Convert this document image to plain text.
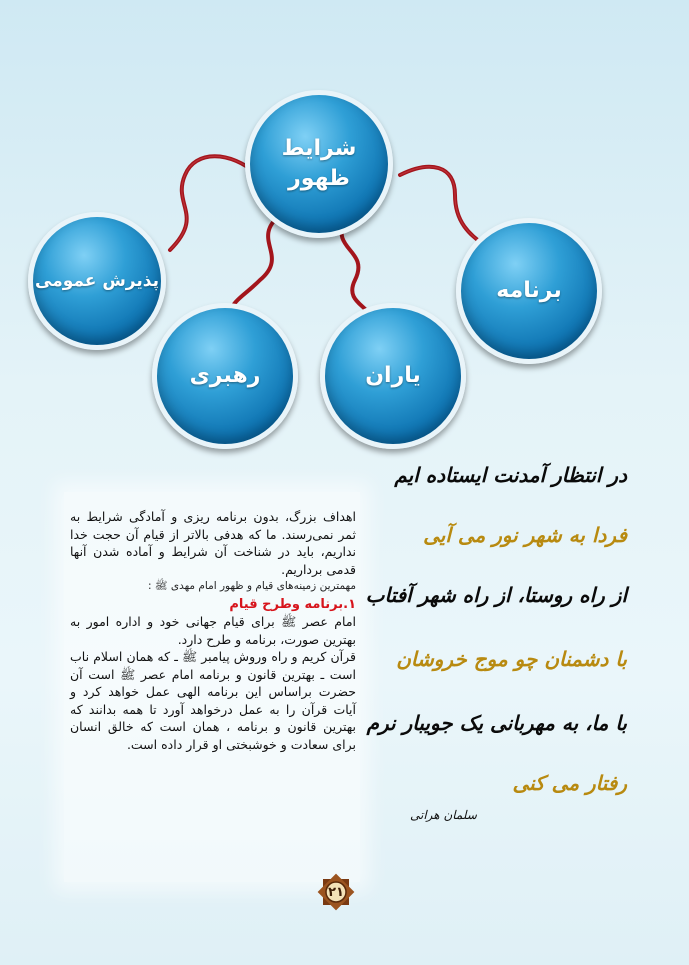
شرایط
ظهور
پذیرش عمومی	برنامه
رهبری	یاران

اهداف بزرگ، بدون برنامه ریزی و آمادگی شرایط به ثمر نمی‌رسند. ما که هدفی بالاتر از قیام آن حجت خدا نداریم، باید در شناخت آن شرایط و آماده شدن آنها قدمی برداریم.

مهمترین زمینه‌های قیام و ظهور امام مهدی ﷺ :

۱.برنامه وطرح قیام

امام عصر ﷺ برای قیام جهانی خود و اداره امور به بهترین صورت، برنامه و طرح دارد.

قرآن کریم و راه وروش پیامبر ﷺ ـ که همان اسلام ناب است ـ بهترین قانون و برنامه امام عصر ﷺ است آن حضرت براساس این برنامه الهی عمل خواهد کرد و آیات قرآن را به عمل درخواهد آورد تا همه بدانند که بهترین قانون و برنامه ، همان است که خالق انسان برای سعادت و خوشبختی او قرار داده است.

در انتظار آمدنت ایستاده ایم
فردا به شهر نور می آیی
از راه روستا، از راه شهر آفتاب
با دشمنان چو موج خروشان
با ما، به مهربانی یک جویبار نرم
رفتار می کنی
سلمان هراتی
۲۱
